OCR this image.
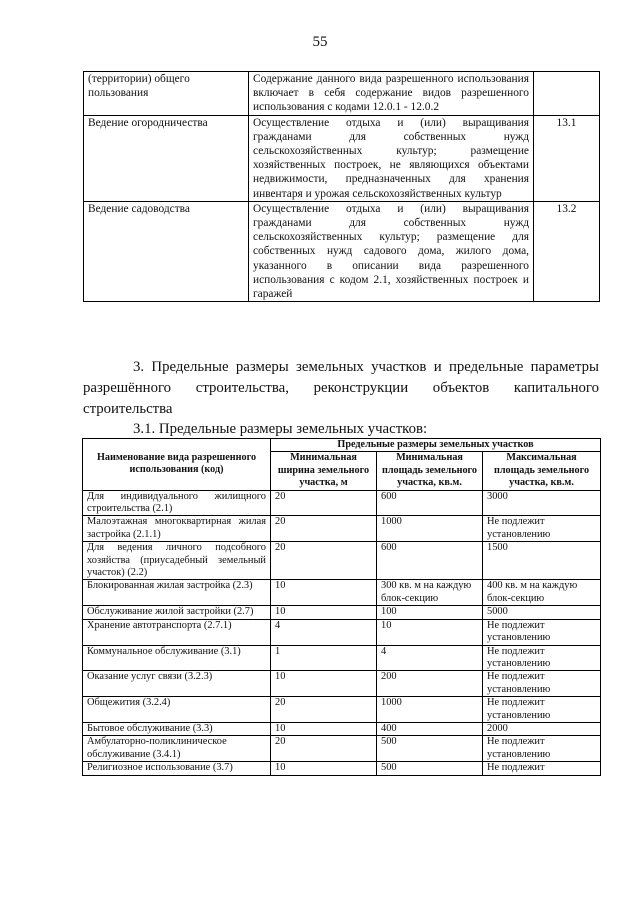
55
(территории) общего пользования	Содержание данного вида разрешенного использования включает в себя содержание видов разрешенного использования с кодами 12.0.1 - 12.0.2	
Ведение огородничества	Осуществление отдыха и (или) выращивания гражданами для собственных нужд сельскохозяйственных культур; размещение хозяйственных построек, не являющихся объектами недвижимости, предназначенных для хранения инвентаря и урожая сельскохозяйственных культур	13.1
Ведение садоводства	Осуществление отдыха и (или) выращивания гражданами для собственных нужд сельскохозяйственных культур; размещение для собственных нужд садового дома, жилого дома, указанного в описании вида разрешенного использования с кодом 2.1, хозяйственных построек и гаражей	13.2

3. Предельные размеры земельных участков и предельные параметры разрешённого строительства, реконструкции объектов капитального строительства

3.1. Предельные размеры земельных участков:

Наименование вида разрешенного использования (код)	Предельные размеры земельных участков		
	Минимальная ширина земельного участка, м	Минимальная площадь земельного участка, кв.м.	Максимальная площадь земельного участка, кв.м.
Для индивидуального жилищного строительства (2.1)	20	600	3000
Малоэтажная многоквартирная жилая застройка (2.1.1)	20	1000	Не подлежит установлению
Для ведения личного подсобного хозяйства (приусадебный земельный участок) (2.2)	20	600	1500
Блокированная жилая застройка (2.3)	10	300 кв. м на каждую блок-секцию	400 кв. м на каждую блок-секцию
Обслуживание жилой застройки (2.7)	10	100	5000
Хранение автотранспорта (2.7.1)	4	10	Не подлежит установлению
Коммунальное обслуживание (3.1)	1	4	Не подлежит установлению
Оказание услуг связи (3.2.3)	10	200	Не подлежит установлению
Общежития (3.2.4)	20	1000	Не подлежит установлению
Бытовое обслуживание (3.3)	10	400	2000
Амбулаторно-поликлиническое обслуживание (3.4.1)	20	500	Не подлежит установлению
Религиозное использование (3.7)	10	500	Не подлежит
